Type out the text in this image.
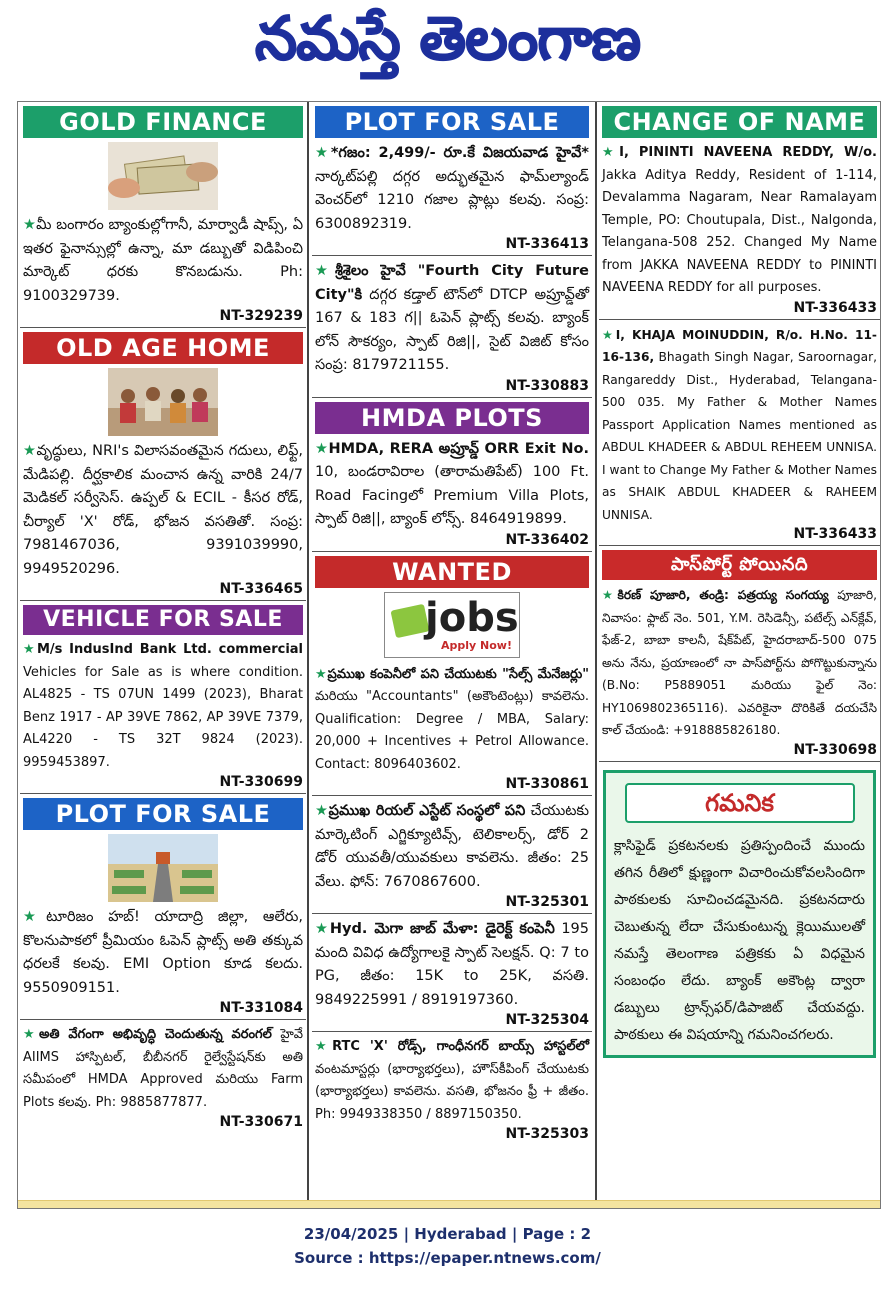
నమస్తే తెలంగాణ
GOLD FINANCE

★మీ బంగారం బ్యాంకుల్లోగానీ, మార్వాడీ షాప్స్, ఏ ఇతర ఫైనాన్సుల్లో ఉన్నా, మా డబ్బుతో విడిపించి మార్కెట్ ధరకు కొనబడును. Ph: 9100329739.

NT-329239

OLD AGE HOME

★వృద్ధులు, NRI's విలాసవంతమైన గదులు, లిఫ్ట్, మేడిపల్లి. దీర్ఘకాలిక మంచాన ఉన్న వారికి 24/7 మెడికల్ సర్వీసెస్. ఉప్పల్ & ECIL - కీసర రోడ్, చీర్యాల్ 'X' రోడ్, భోజన వసతితో. సంప్ర: 7981467036, 9391039990, 9949520296.

NT-336465

VEHICLE FOR SALE

★M/s IndusInd Bank Ltd. commercial Vehicles for Sale as is where condition. AL4825 - TS 07UN 1499 (2023), Bharat Benz 1917 - AP 39VE 7862, AP 39VE 7379, AL4220 - TS 32T 9824 (2023). 9959453897.

NT-330699

PLOT FOR SALE

★టూరిజం హబ్! యాదాద్రి జిల్లా, ఆలేరు, కొలనుపాకలో ప్రీమియం ఓపెన్ ప్లాట్స్ అతి తక్కువ ధరలకే కలవు. EMI Option కూడ కలదు. 9550909151.

NT-331084

★అతి వేగంగా అభివృద్ధి చెందుతున్న వరంగల్ హైవే AIIMS హాస్పిటల్, బీబీనగర్ రైల్వేస్టేషన్‌కు అతి సమీపంలో HMDA Approved మరియు Farm Plots కలవు. Ph: 9885877877.

NT-330671

PLOT FOR SALE

★*గజం: 2,499/- రూ.కే విజయవాడ హైవే* నార్కట్‌పల్లి దగ్గర అద్భుతమైన ఫామ్‌ల్యాండ్ వెంచర్‌లో 1210 గజాల ప్లాట్లు కలవు. సంప్ర: 6300892319.

NT-336413

★శ్రీశైలం హైవే "Fourth City Future City"కి దగ్గర కడ్తాల్ టౌన్‌లో DTCP అప్రూవ్డ్‌తో 167 & 183 గ|| ఓపెన్ ప్లాట్స్ కలవు. బ్యాంక్ లోన్ సౌకర్యం, స్పాట్ రిజి||, సైట్ విజిట్ కోసం సంప్ర: 8179721155.

NT-330883

HMDA PLOTS

★HMDA, RERA అప్రూవ్డ్ ORR Exit No. 10, బండరావిరాల (తారామతిపేట్) 100 Ft. Road Facingలో Premium Villa Plots, స్పాట్ రిజి||, బ్యాంక్ లోన్స్. 8464919899.

NT-336402

WANTED
jobs
Apply Now!

★ప్రముఖ కంపెనీలో పని చేయుటకు "సేల్స్ మేనేజర్లు" మరియు "Accountants" (అకౌంటెంట్లు) కావలెను. Qualification: Degree / MBA, Salary: 20,000 + Incentives + Petrol Allowance. Contact: 8096403602.

NT-330861

★ప్రముఖ రియల్ ఎస్టేట్ సంస్థలో పని చేయుటకు మార్కెటింగ్ ఎగ్జిక్యూటివ్స్, టెలికాలర్స్, డోర్ 2 డోర్ యువతీ/యువకులు కావలెను. జీతం: 25 వేలు. ఫోన్: 7670867600.

NT-325301

★Hyd. మెగా జాబ్ మేళా: డైరెక్ట్ కంపెనీ 195 మంది వివిధ ఉద్యోగాలకై స్పాట్ సెలక్షన్. Q: 7 to PG, జీతం: 15K to 25K, వసతి. 9849225991 / 8919197360.

NT-325304

★RTC 'X' రోడ్స్, గాంధీనగర్ బాయ్స్ హాస్టల్‌లో వంటమాస్టర్లు (భార్యాభర్తలు), హౌస్‌కీపింగ్ చేయుటకు (భార్యాభర్తలు) కావలెను. వసతి, భోజనం ఫ్రీ + జీతం. Ph: 9949338350 / 8897150350.

NT-325303

CHANGE OF NAME

★I, PININTI NAVEENA REDDY, W/o. Jakka Aditya Reddy, Resident of 1-114, Devalamma Nagaram, Near Ramalayam Temple, PO: Choutupala, Dist., Nalgonda, Telangana-508 252. Changed My Name from JAKKA NAVEENA REDDY to PININTI NAVEENA REDDY for all purposes.

NT-336433

★I, KHAJA MOINUDDIN, R/o. H.No. 11-16-136, Bhagath Singh Nagar, Saroornagar, Rangareddy Dist., Hyderabad, Telangana-500 035. My Father & Mother Names Passport Application Names mentioned as ABDUL KHADEER & ABDUL REHEEM UNNISA. I want to Change My Father & Mother Names as SHAIK ABDUL KHADEER & RAHEEM UNNISA.

NT-336433

పాస్‌పోర్ట్ పోయినది

★కిరణ్ పూజారి, తండ్రి: పత్రయ్య సంగయ్య పూజారి, నివాసం: ఫ్లాట్ నెం. 501, Y.M. రెసిడెన్సీ, పటేల్స్ ఎన్‌క్లేవ్, ఫేజ్-2, బాబా కాలనీ, షేక్‌పేట్, హైదరాబాద్-500 075 అను నేను, ప్రయాణంలో నా పాస్‌పోర్ట్‌ను పోగొట్టుకున్నాను (B.No: P5889051 మరియు ఫైల్ నెం: HY1069802365116). ఎవరికైనా దొరికితే దయచేసి కాల్ చేయండి: +918885826180.

NT-330698

గమనిక

క్లాసిఫైడ్ ప్రకటనలకు ప్రతిస్పందించే ముందు తగిన రీతిలో క్షుణ్ణంగా విచారించుకోవలసిందిగా పాఠకులకు సూచించడమైనది. ప్రకటనదారు చెబుతున్న లేదా చేసుకుంటున్న క్లెయిములతో నమస్తే తెలంగాణ పత్రికకు ఏ విధమైన సంబంధం లేదు. బ్యాంక్ అకౌంట్ల ద్వారా డబ్బులు ట్రాన్స్‌ఫర్/డిపాజిట్ చేయవద్దు. పాఠకులు ఈ విషయాన్ని గమనించగలరు.

23/04/2025 | Hyderabad | Page : 2
Source : https://epaper.ntnews.com/
